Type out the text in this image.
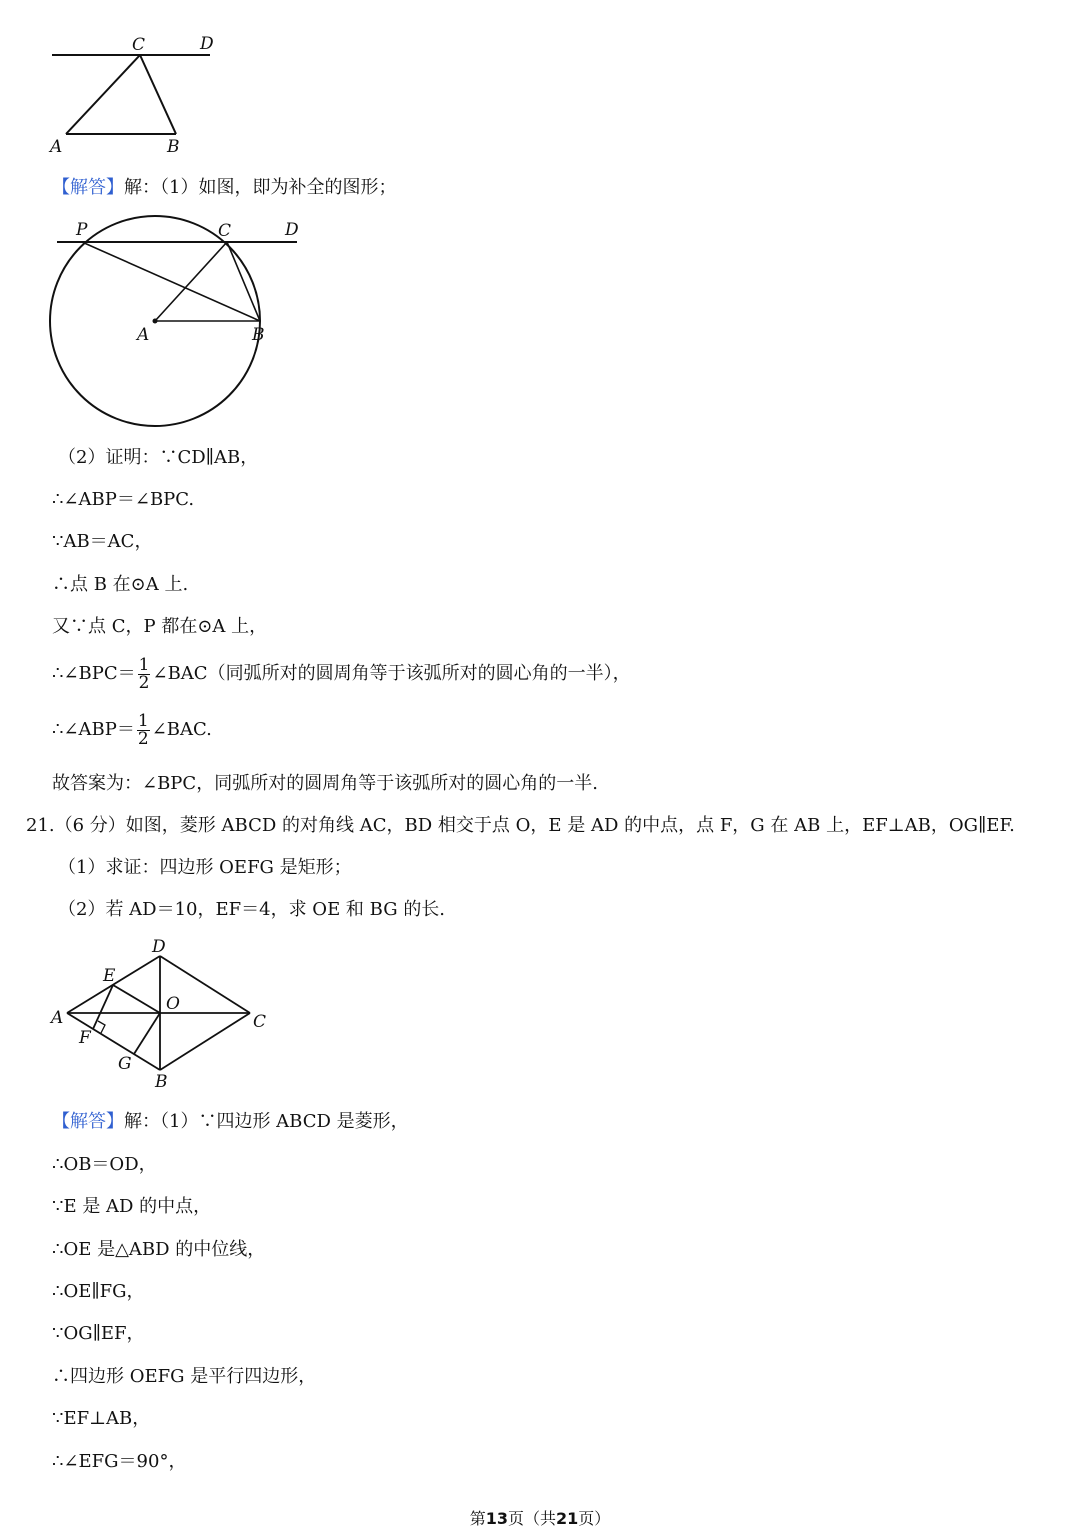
C	D
A	B
【解答】解：（1）如图，即为补全的图形；
P	C	D
A	B
（2）证明：∵CD∥AB，
∴∠ABP＝∠BPC.
∵AB＝AC，
∴点 B 在⊙A 上.
又∵点 C，P 都在⊙A 上，
∴∠BPC＝ $\frac{1}{2}$ ∠BAC（同弧所对的圆周角等于该弧所对的圆心角的一半），
∴∠ABP＝ $\frac{1}{2}$ ∠BAC.
故答案为：∠BPC，同弧所对的圆周角等于该弧所对的圆心角的一半.
21.（6 分）如图，菱形 ABCD 的对角线 AC，BD 相交于点 O，E 是 AD 的中点，点 F，G 在 AB 上，EF⊥AB，OG∥EF.
（1）求证：四边形 OEFG 是矩形；
（2）若 AD＝10，EF＝4，求 OE 和 BG 的长.
D
E
O
A	C
F
G
B
【解答】解：（1）∵四边形 ABCD 是菱形，
∴OB＝OD，
∵E 是 AD 的中点，
∴OE 是△ABD 的中位线，
∴OE∥FG，
∵OG∥EF，
∴四边形 OEFG 是平行四边形，
∵EF⊥AB，
∴∠EFG＝90°，
第13页（共21页）
